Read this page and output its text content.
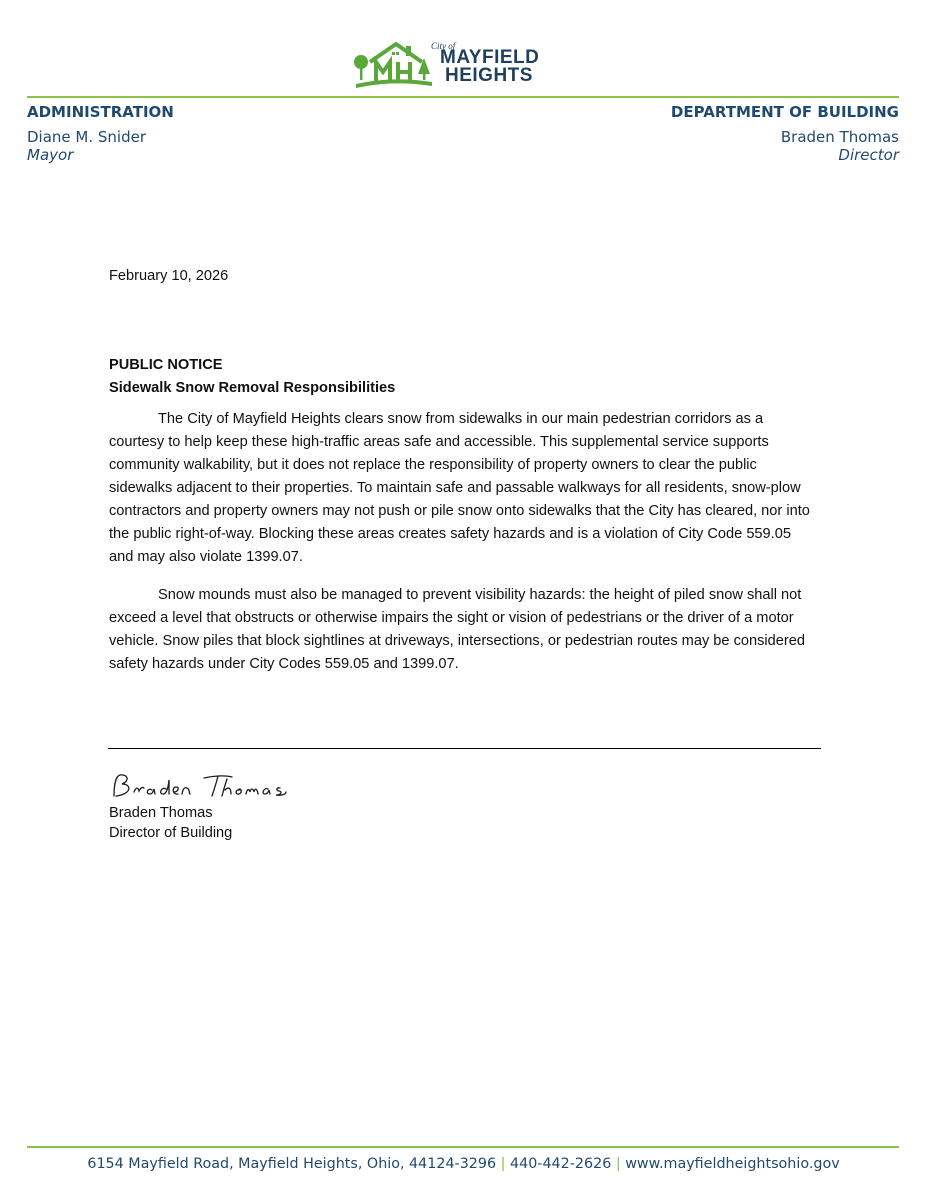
City of
MAYFIELD
HEIGHTS
ADMINISTRATION
Diane M. Snider
Mayor
DEPARTMENT OF BUILDING
Braden Thomas
Director
February 10, 2026
PUBLIC NOTICE
Sidewalk Snow Removal Responsibilities

The City of Mayfield Heights clears snow from sidewalks in our main pedestrian corridors as a courtesy to help keep these high-traffic areas safe and accessible. This supplemental service supports community walkability, but it does not replace the responsibility of property owners to clear the public sidewalks adjacent to their properties. To maintain safe and passable walkways for all residents, snow-plow contractors and property owners may not push or pile snow onto sidewalks that the City has cleared, nor into the public right-of-way. Blocking these areas creates safety hazards and is a violation of City Code 559.05 and may also violate 1399.07.

Snow mounds must also be managed to prevent visibility hazards: the height of piled snow shall not exceed a level that obstructs or otherwise impairs the sight or vision of pedestrians or the driver of a motor vehicle. Snow piles that block sightlines at driveways, intersections, or pedestrian routes may be considered safety hazards under City Codes 559.05 and 1399.07.

Braden Thomas
Director of Building
6154 Mayfield Road, Mayfield Heights, Ohio, 44124-3296 | 440-442-2626 | www.mayfieldheightsohio.gov
